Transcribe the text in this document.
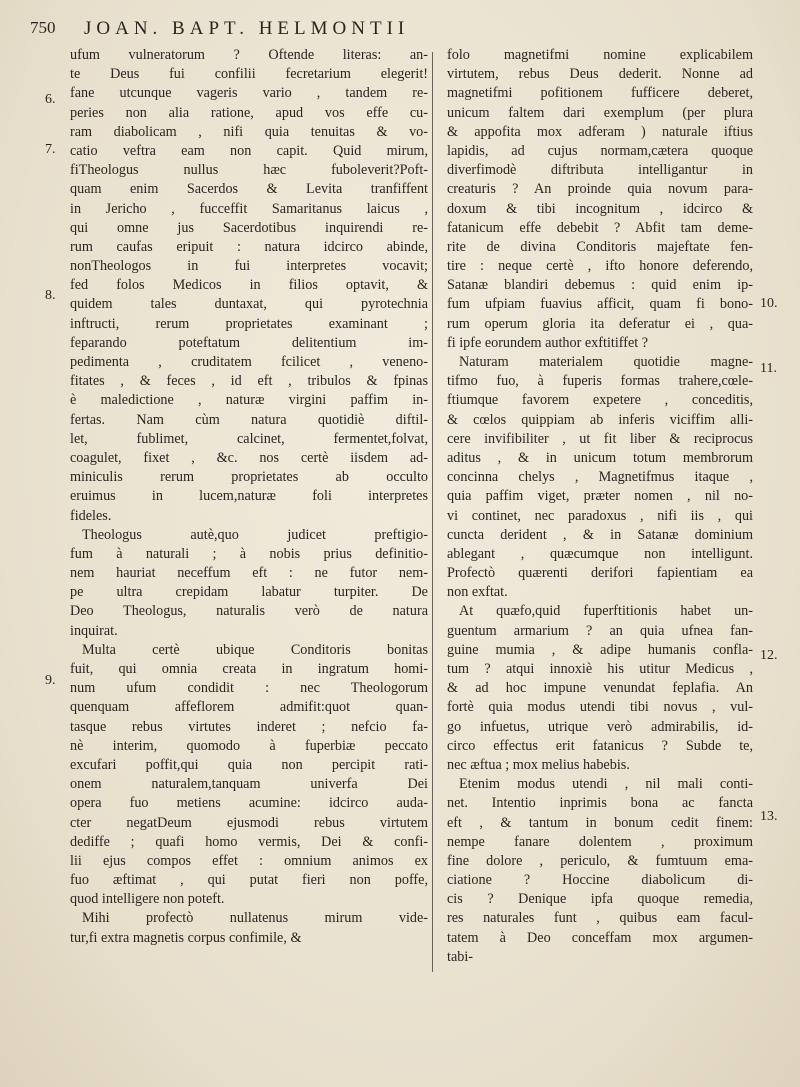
750 JOAN. BAPT. HELMONTII
ufum vulneratorum ? Oftende literas: an-
te Deus fui confilii fecretarium elegerit!
fane utcunque vageris vario , tandem re-
peries non alia ratione, apud vos effe cu-
ram diabolicam , nifi quia tenuitas & vo-
catio veftra eam non capit. Quid mirum,
fiTheologus nullus hæc fuboleverit?Poft-
quam enim Sacerdos & Levita tranfiffent
in Jericho , fucceffit Samaritanus laicus ,
qui omne jus Sacerdotibus inquirendi re-
rum caufas eripuit : natura idcirco abinde,
nonTheologos in fui interpretes vocavit;
fed folos Medicos in filios optavit, &
quidem tales duntaxat, qui pyrotechnia
inftructi, rerum proprietates examinant ;
feparando poteftatum delitentium im-
pedimenta , cruditatem fcilicet , veneno-
fitates , & feces , id eft , tribulos & fpinas
è maledictione , naturæ virgini paffim in-
fertas. Nam cùm natura quotidiè diftil-
let, fublimet, calcinet, fermentet,folvat,
coagulet, fixet , &c. nos certè iisdem ad-
miniculis rerum proprietates ab occulto
eruimus in lucem,naturæ foli interpretes
fideles.
Theologus autè,quo judicet preftigio-
fum à naturali ; à nobis prius definitio-
nem hauriat neceffum eft : ne futor nem-
pe ultra crepidam labatur turpiter. De
Deo Theologus, naturalis verò de natura
inquirat.
Multa certè ubique Conditoris bonitas
fuit, qui omnia creata in ingratum homi-
num ufum condidit : nec Theologorum
quenquam affeflorem admifit:quot quan-
tasque rebus virtutes inderet ; nefcio fa-
nè interim, quomodo à fuperbiæ peccato
excufari poffit,qui quia non percipit rati-
onem naturalem,tanquam univerfa Dei
opera fuo metiens acumine: idcirco auda-
cter negatDeum ejusmodi rebus virtutem
dediffe ; quafi homo vermis, Dei & confi-
lii ejus compos effet : omnium animos ex
fuo æftimat , qui putat fieri non poffe,
quod intelligere non poteft.
Mihi profectò nullatenus mirum vide-
tur,fi extra magnetis corpus confimile, &
folo magnetifmi nomine explicabilem
virtutem, rebus Deus dederit. Nonne ad
magnetifmi pofitionem fufficere deberet,
unicum faltem dari exemplum (per plura
& appofita mox adferam ) naturale iftius
lapidis, ad cujus normam,cætera quoque
diverfimodè diftributa intelligantur in
creaturis ? An proinde quia novum para-
doxum & tibi incognitum , idcirco &
fatanicum effe debebit ? Abfit tam deme-
rite de divina Conditoris majeftate fen-
tire : neque certè , ifto honore deferendo,
Satanæ blandiri debemus : quid enim ip-
fum ufpiam fuavius afficit, quam fi bono-
rum operum gloria ita deferatur ei , qua-
fi ipfe eorundem author exftitiffet ?
Naturam materialem quotidie magne-
tifmo fuo, à fuperis formas trahere,cœle-
ftiumque favorem expetere , conceditis,
& cœlos quippiam ab inferis viciffim alli-
cere invifibiliter , ut fit liber & reciprocus
aditus , & in unicum totum membrorum
concinna chelys , Magnetifmus itaque ,
quia paffim viget, præter nomen , nil no-
vi continet, nec paradoxus , nifi iis , qui
cuncta derident , & in Satanæ dominium
ablegant , quæcumque non intelligunt.
Profectò quærenti derifori fapientiam ea
non exftat.
At quæfo,quid fuperftitionis habet un-
guentum armarium ? an quia ufnea fan-
guine mumia , & adipe humanis confla-
tum ? atqui innoxiè his utitur Medicus ,
& ad hoc impune venundat feplafia. An
fortè quia modus utendi tibi novus , vul-
go infuetus, utrique verò admirabilis, id-
circo effectus erit fatanicus ? Subde te,
nec æftua ; mox melius habebis.
Etenim modus utendi , nil mali conti-
net. Intentio inprimis bona ac fancta
eft , & tantum in bonum cedit finem:
nempe fanare dolentem , proximum
fine dolore , periculo, & fumtuum ema-
ciatione ? Hoccine diabolicum di-
cis ? Denique ipfa quoque remedia,
res naturales funt , quibus eam facul-
tatem à Deo conceffam mox argumen-
tabi-
6.
7.
8.
9.
10.
11.
12.
13.
